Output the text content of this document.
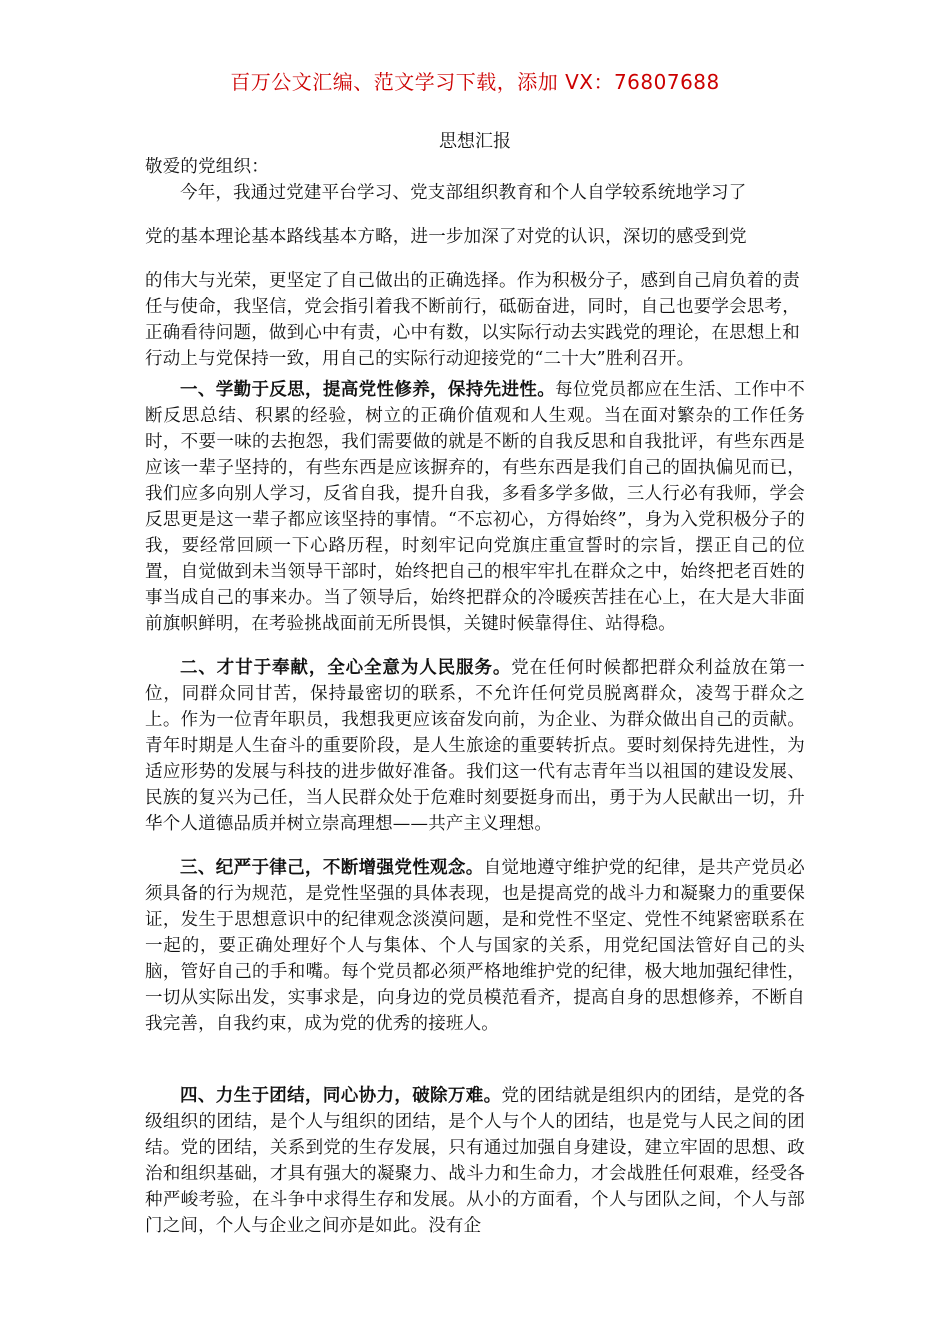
百万公文汇编、范文学习下载，添加 VX：76807688
思想汇报
敬爱的党组织：
今年，我通过党建平台学习、党支部组织教育和个人自学较系统地学习了
党的基本理论基本路线基本方略，进一步加深了对党的认识，深切的感受到党
的伟大与光荣，更坚定了自己做出的正确选择。作为积极分子，感到自己肩负着的责任与使命，我坚信，党会指引着我不断前行，砥砺奋进，同时，自己也要学会思考，正确看待问题，做到心中有责，心中有数，以实际行动去实践党的理论，在思想上和行动上与党保持一致，用自己的实际行动迎接党的“二十大”胜利召开。

一、学勤于反思，提高党性修养，保持先进性。每位党员都应在生活、工作中不断反思总结、积累的经验，树立的正确价值观和人生观。当在面对繁杂的工作任务时，不要一味的去抱怨，我们需要做的就是不断的自我反思和自我批评，有些东西是应该一辈子坚持的，有些东西是应该摒弃的，有些东西是我们自己的固执偏见而已，我们应多向别人学习，反省自我，提升自我，多看多学多做，三人行必有我师，学会反思更是这一辈子都应该坚持的事情。“不忘初心，方得始终”，身为入党积极分子的我，要经常回顾一下心路历程，时刻牢记向党旗庄重宣誓时的宗旨，摆正自己的位置，自觉做到未当领导干部时，始终把自己的根牢牢扎在群众之中，始终把老百姓的事当成自己的事来办。当了领导后，始终把群众的冷暖疾苦挂在心上，在大是大非面前旗帜鲜明，在考验挑战面前无所畏惧，关键时候靠得住、站得稳。

二、才甘于奉献，全心全意为人民服务。党在任何时候都把群众利益放在第一位，同群众同甘苦，保持最密切的联系，不允许任何党员脱离群众，凌驾于群众之上。作为一位青年职员，我想我更应该奋发向前，为企业、为群众做出自己的贡献。青年时期是人生奋斗的重要阶段，是人生旅途的重要转折点。要时刻保持先进性，为适应形势的发展与科技的进步做好准备。我们这一代有志青年当以祖国的建设发展、民族的复兴为己任，当人民群众处于危难时刻要挺身而出，勇于为人民献出一切，升华个人道德品质并树立崇高理想——共产主义理想。

三、纪严于律己，不断增强党性观念。自觉地遵守维护党的纪律，是共产党员必须具备的行为规范，是党性坚强的具体表现，也是提高党的战斗力和凝聚力的重要保证，发生于思想意识中的纪律观念淡漠问题，是和党性不坚定、党性不纯紧密联系在一起的，要正确处理好个人与集体、个人与国家的关系，用党纪国法管好自己的头脑，管好自己的手和嘴。每个党员都必须严格地维护党的纪律，极大地加强纪律性，一切从实际出发，实事求是，向身边的党员模范看齐，提高自身的思想修养，不断自我完善，自我约束，成为党的优秀的接班人。

四、力生于团结，同心协力，破除万难。党的团结就是组织内的团结，是党的各级组织的团结，是个人与组织的团结，是个人与个人的团结，也是党与人民之间的团结。党的团结，关系到党的生存发展，只有通过加强自身建设，建立牢固的思想、政治和组织基础，才具有强大的凝聚力、战斗力和生命力，才会战胜任何艰难，经受各种严峻考验，在斗争中求得生存和发展。从小的方面看，个人与团队之间，个人与部门之间，个人与企业之间亦是如此。没有企
